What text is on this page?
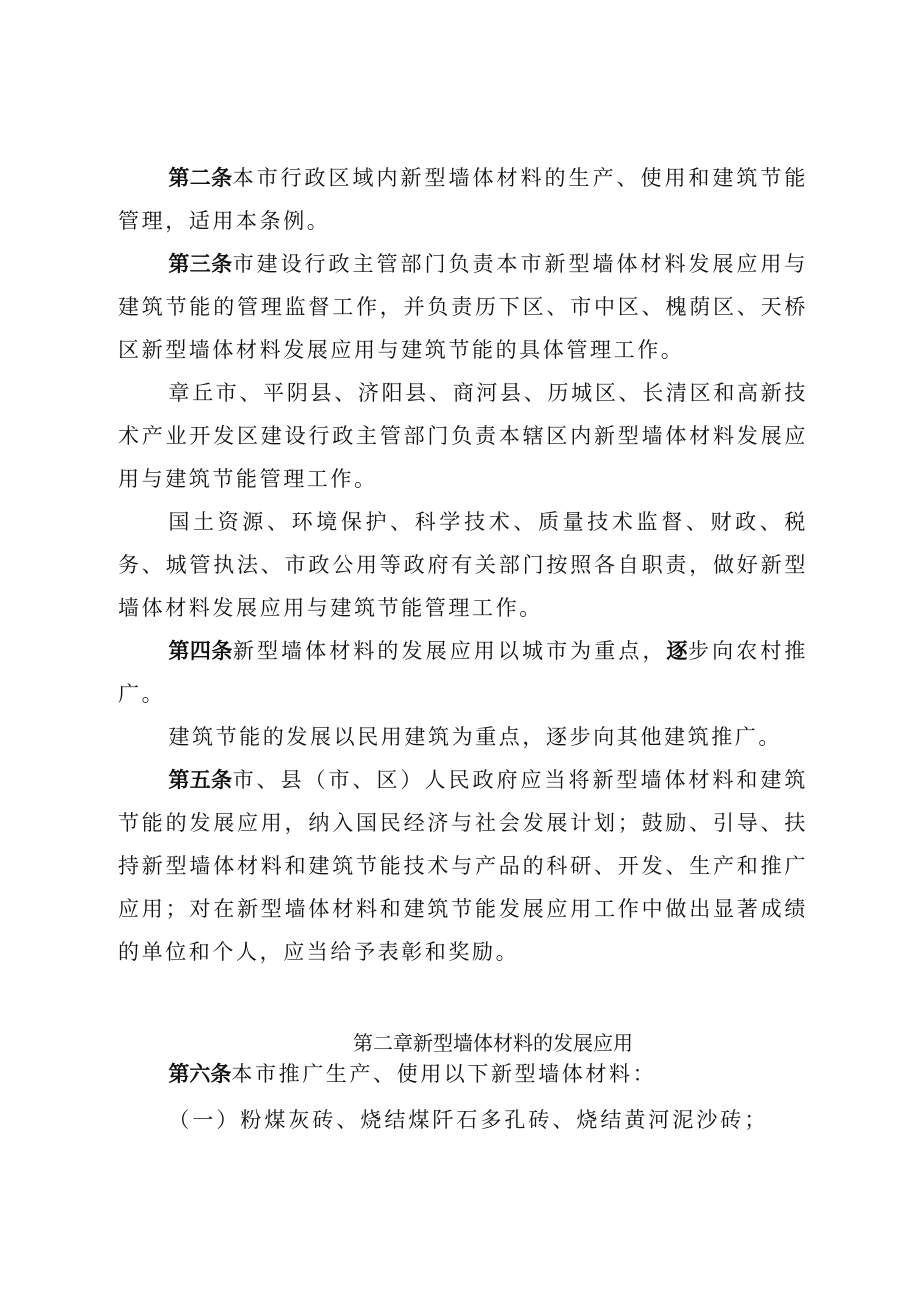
第二条本市行政区域内新型墙体材料的生产、使用和建筑节能管理，适用本条例。

第三条市建设行政主管部门负责本市新型墙体材料发展应用与建筑节能的管理监督工作，并负责历下区、市中区、槐荫区、天桥区新型墙体材料发展应用与建筑节能的具体管理工作。

章丘市、平阴县、济阳县、商河县、历城区、长清区和高新技术产业开发区建设行政主管部门负责本辖区内新型墙体材料发展应用与建筑节能管理工作。

国土资源、环境保护、科学技术、质量技术监督、财政、税务、城管执法、市政公用等政府有关部门按照各自职责，做好新型墙体材料发展应用与建筑节能管理工作。

第四条新型墙体材料的发展应用以城市为重点，逐步向农村推广。

建筑节能的发展以民用建筑为重点，逐步向其他建筑推广。

第五条市、县（市、区）人民政府应当将新型墙体材料和建筑节能的发展应用，纳入国民经济与社会发展计划；鼓励、引导、扶持新型墙体材料和建筑节能技术与产品的科研、开发、生产和推广应用；对在新型墙体材料和建筑节能发展应用工作中做出显著成绩的单位和个人，应当给予表彰和奖励。

第二章新型墙体材料的发展应用

第六条本市推广生产、使用以下新型墙体材料：

（一）粉煤灰砖、烧结煤阡石多孔砖、烧结黄河泥沙砖；
